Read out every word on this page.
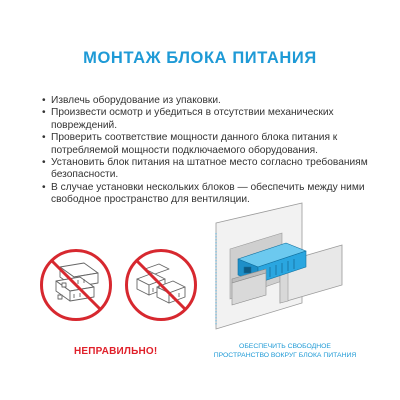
МОНТАЖ БЛОКА ПИТАНИЯ
• Извлечь оборудование из упаковки.
• Произвести осмотр и убедиться в отсутствии механических повреждений.
• Проверить соответствие мощности данного блока питания к потребляемой мощности подключаемого оборудования.
• Установить блок питания на штатное место согласно требованиям безопасности.
• В случае установки нескольких блоков — обеспечить между ними свободное пространство для вентиляции.
НЕПРАВИЛЬНО!	ОБЕСПЕЧИТЬ СВОБОДНОЕ ПРОСТРАНСТВО ВОКРУГ БЛОКА ПИТАНИЯ
